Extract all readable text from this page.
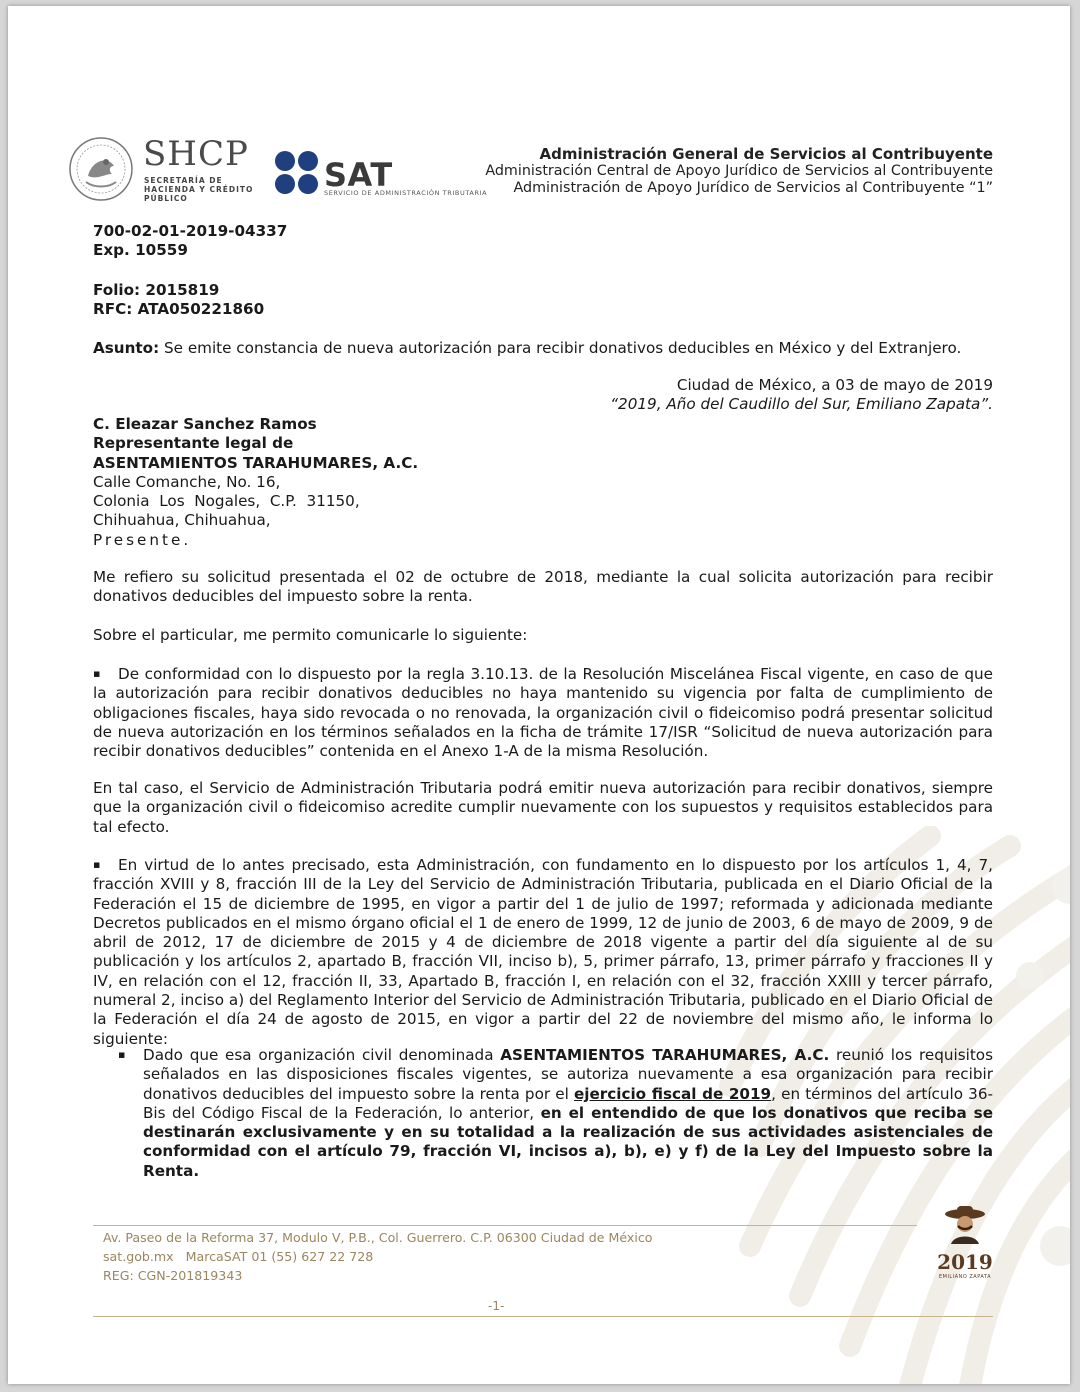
SHCP
SECRETARÍA DE HACIENDA Y CRÉDITO PÚBLICO
SAT
SERVICIO DE ADMINISTRACIÓN TRIBUTARIA
Administración General de Servicios al Contribuyente
Administración Central de Apoyo Jurídico de Servicios al Contribuyente
Administración de Apoyo Jurídico de Servicios al Contribuyente “1”
700-02-01-2019-04337
Exp. 10559
Folio: 2015819
RFC: ATA050221860
Asunto: Se emite constancia de nueva autorización para recibir donativos deducibles en México y del Extranjero.
Ciudad de México, a 03 de mayo de 2019
“2019, Año del Caudillo del Sur, Emiliano Zapata”.
C. Eleazar Sanchez Ramos
Representante legal de
ASENTAMIENTOS TARAHUMARES, A.C.
Calle Comanche, No. 16,
Colonia  Los  Nogales,  C.P.  31150,
Chihuahua, Chihuahua,
Presente.
Me refiero su solicitud presentada el 02 de octubre de 2018, mediante la cual solicita autorización para recibir donativos deducibles del impuesto sobre la renta.
Sobre el particular, me permito comunicarle lo siguiente:
▪ De conformidad con lo dispuesto por la regla 3.10.13. de la Resolución Miscelánea Fiscal vigente, en caso de que la autorización para recibir donativos deducibles no haya mantenido su vigencia por falta de cumplimiento de obligaciones fiscales, haya sido revocada o no renovada, la organización civil o fideicomiso podrá presentar solicitud de nueva autorización en los términos señalados en la ficha de trámite 17/ISR “Solicitud de nueva autorización para recibir donativos deducibles” contenida en el Anexo 1-A de la misma Resolución.
En tal caso, el Servicio de Administración Tributaria podrá emitir nueva autorización para recibir donativos, siempre que la organización civil o fideicomiso acredite cumplir nuevamente con los supuestos y requisitos establecidos para tal efecto.
▪ En virtud de lo antes precisado, esta Administración, con fundamento en lo dispuesto por los artículos 1, 4, 7, fracción XVIII y 8, fracción III de la Ley del Servicio de Administración Tributaria, publicada en el Diario Oficial de la Federación el 15 de diciembre de 1995, en vigor a partir del 1 de julio de 1997; reformada y adicionada mediante Decretos publicados en el mismo órgano oficial el 1 de enero de 1999, 12 de junio de 2003, 6 de mayo de 2009, 9 de abril de 2012, 17 de diciembre de 2015 y 4 de diciembre de 2018 vigente a partir del día siguiente al de su publicación y los artículos 2, apartado B, fracción VII, inciso b), 5, primer párrafo, 13, primer párrafo y fracciones II y IV, en relación con el 12, fracción II, 33, Apartado B, fracción I, en relación con el 32, fracción XXIII y tercer párrafo, numeral 2, inciso a) del Reglamento Interior del Servicio de Administración Tributaria, publicado en el Diario Oficial de la Federación el día 24 de agosto de 2015, en vigor a partir del 22 de noviembre del mismo año, le informa lo siguiente:
▪	Dado que esa organización civil denominada ASENTAMIENTOS TARAHUMARES, A.C. reunió los requisitos señalados en las disposiciones fiscales vigentes, se autoriza nuevamente a esa organización para recibir donativos deducibles del impuesto sobre la renta por el ejercicio fiscal de 2019, en términos del artículo 36-Bis del Código Fiscal de la Federación, lo anterior, en el entendido de que los donativos que reciba se destinarán exclusivamente y en su totalidad a la realización de sus actividades asistenciales de conformidad con el artículo 79, fracción VI, incisos a), b), e) y f) de la Ley del Impuesto sobre la Renta.
Av. Paseo de la Reforma 37, Modulo V, P.B., Col. Guerrero. C.P. 06300 Ciudad de México
sat.gob.mx   MarcaSAT 01 (55) 627 22 728
REG: CGN-201819343
-1-
2019
EMILIANO ZAPATA
